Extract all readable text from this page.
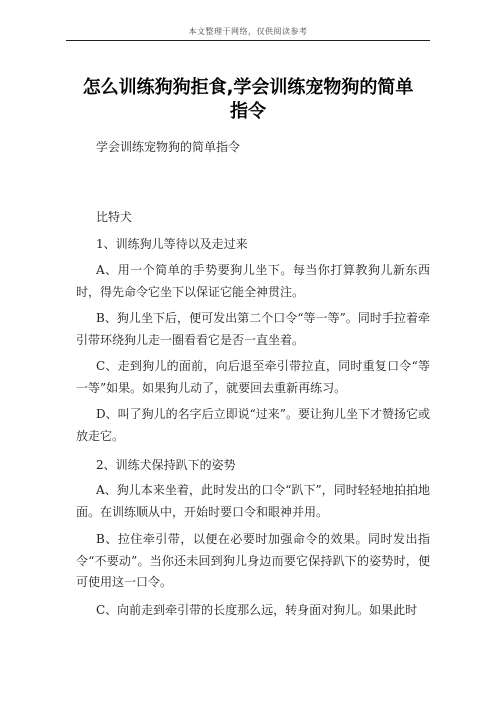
本文整理于网络，仅供阅读参考
怎么训练狗狗拒食,学会训练宠物狗的简单
指令
学会训练宠物狗的简单指令
比特犬
1、训练狗儿等待以及走过来
A、用一个简单的手势要狗儿坐下。每当你打算教狗儿新东西时，得先命令它坐下以保证它能全神贯注。
B、狗儿坐下后，便可发出第二个口令“等一等”。同时手拉着牵引带环绕狗儿走一圈看看它是否一直坐着。
C、走到狗儿的面前，向后退至牵引带拉直，同时重复口令“等一等”如果。如果狗儿动了，就要回去重新再练习。
D、叫了狗儿的名字后立即说“过来”。要让狗儿坐下才赞扬它或放走它。
2、训练犬保持趴下的姿势
A、狗儿本来坐着，此时发出的口令“趴下”，同时轻轻地拍拍地面。在训练顺从中，开始时要口令和眼神并用。
B、拉住牵引带，以便在必要时加强命令的效果。同时发出指令“不要动”。当你还未回到狗儿身边而要它保持趴下的姿势时，便可使用这一口令。
C、向前走到牵引带的长度那么远，转身面对狗儿。如果此时
